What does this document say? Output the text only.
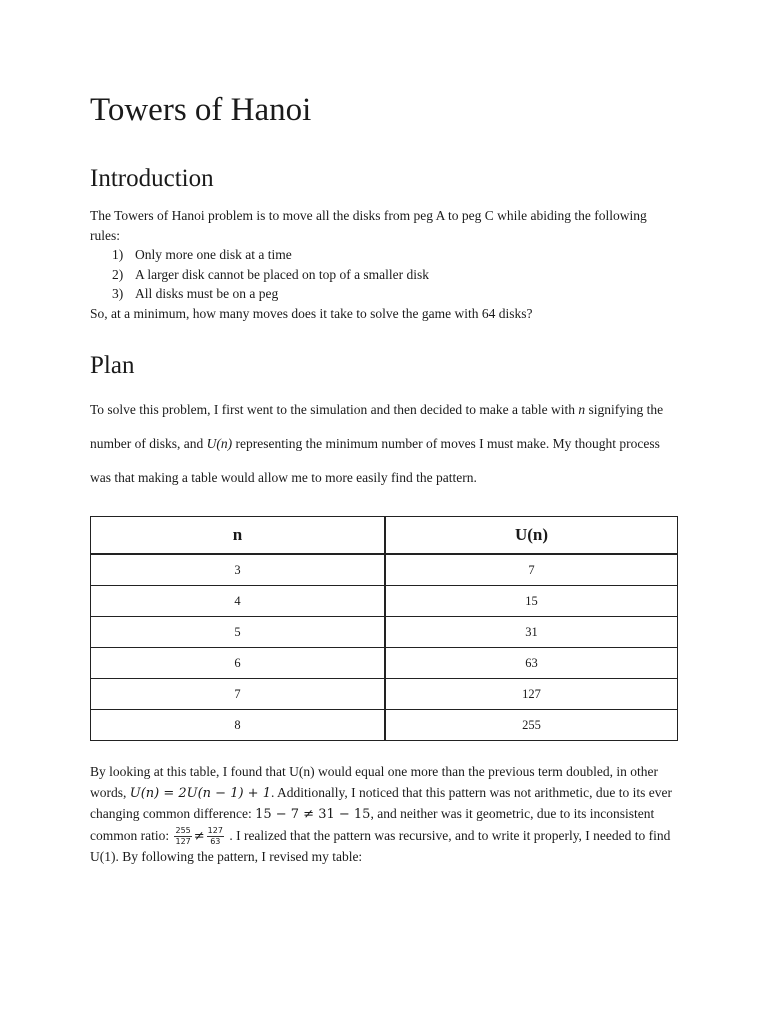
Towers of Hanoi
Introduction

The Towers of Hanoi problem is to move all the disks from peg A to peg C while abiding the following rules:

1) Only more one disk at a time
2) A larger disk cannot be placed on top of a smaller disk
3) All disks must be on a peg

So, at a minimum, how many moves does it take to solve the game with 64 disks?

Plan

To solve this problem, I first went to the simulation and then decided to make a table with n signifying the number of disks, and U(n) representing the minimum number of moves I must make. My thought process was that making a table would allow me to more easily find the pattern.

n	U(n)
3	7
4	15
5	31
6	63
7	127
8	255

By looking at this table, I found that U(n) would equal one more than the previous term doubled, in other words, U(n) = 2U(n − 1) + 1. Additionally, I noticed that this pattern was not arithmetic, due to its ever changing common difference: 15 − 7 ≠ 31 − 15, and neither was it geometric, due to its inconsistent common ratio: $\frac{255}{127} \ne \frac{127}{63}$ . I realized that the pattern was recursive, and to write it properly, I needed to find U(1). By following the pattern, I revised my table:
